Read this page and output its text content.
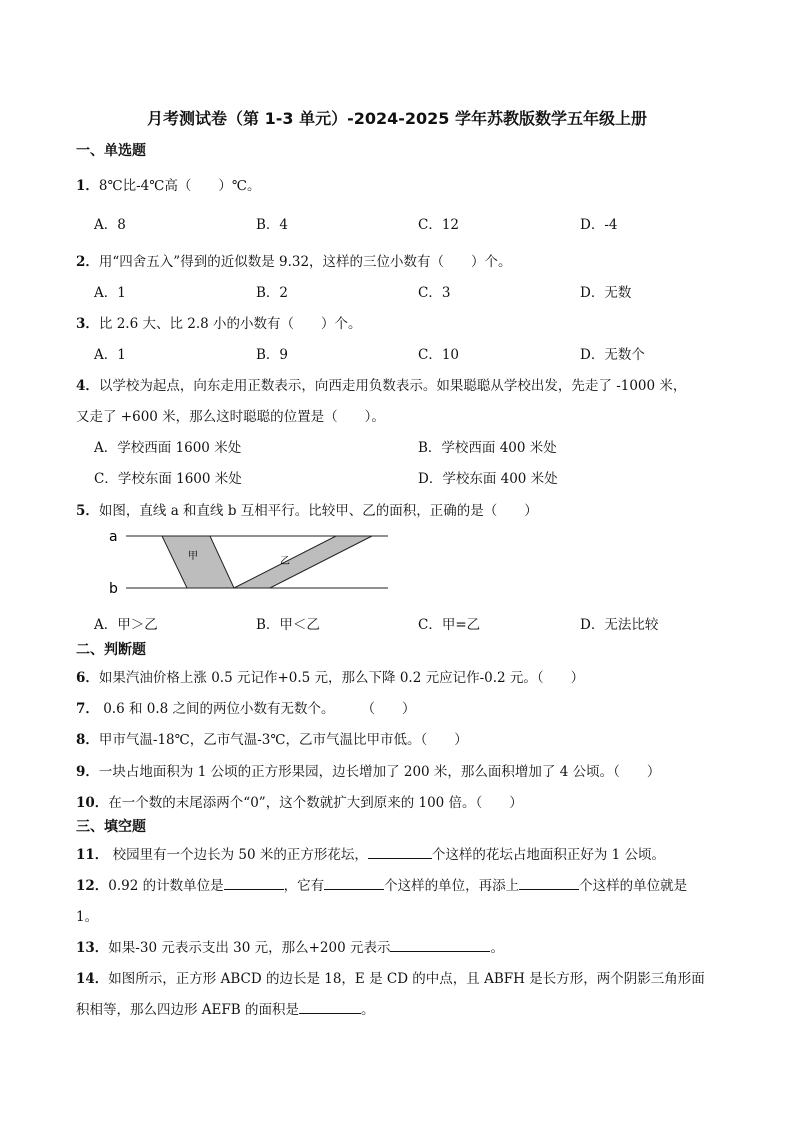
月考测试卷（第 1-3 单元）-2024-2025 学年苏教版数学五年级上册
一、单选题
1．8℃比-4℃高（　　）℃。
A．8	B．4	C．12	D．-4
2．用“四舍五入”得到的近似数是 9.32，这样的三位小数有（　　）个。
A．1	B．2	C．3	D．无数
3．比 2.6 大、比 2.8 小的小数有（　　）个。
A．1	B．9	C．10	D．无数个
4．以学校为起点，向东走用正数表示，向西走用负数表示。如果聪聪从学校出发，先走了 -1000 米，
又走了 +600 米，那么这时聪聪的位置是（　　）。
A．学校西面 1600 米处	B．学校西面 400 米处
C．学校东面 1600 米处	D．学校东面 400 米处
5．如图，直线 a 和直线 b 互相平行。比较甲、乙的面积，正确的是（　　）
a
b
甲	乙
A．甲＞乙	B．甲＜乙	C．甲=乙	D．无法比较
二、判断题
6．如果汽油价格上涨 0.5 元记作+0.5 元，那么下降 0.2 元应记作-0.2 元。（　　）
7． 0.6 和 0.8 之间的两位小数有无数个。　　　（　　）
8．甲市气温-18℃，乙市气温-3℃，乙市气温比甲市低。（　　）
9．一块占地面积为 1 公顷的正方形果园，边长增加了 200 米，那么面积增加了 4 公顷。（　　）
10．在一个数的末尾添两个“0”，这个数就扩大到原来的 100 倍。（　　）
三、填空题
11． 校园里有一个边长为 50 米的正方形花坛，	个这样的花坛占地面积正好为 1 公顷。
12．0.92 的计数单位是	，它有	个这样的单位，再添上	个这样的单位就是
1。
13．如果-30 元表示支出 30 元，那么+200 元表示	。
14．如图所示，正方形 ABCD 的边长是 18，E 是 CD 的中点，且 ABFH 是长方形，两个阴影三角形面
积相等，那么四边形 AEFB 的面积是	。
